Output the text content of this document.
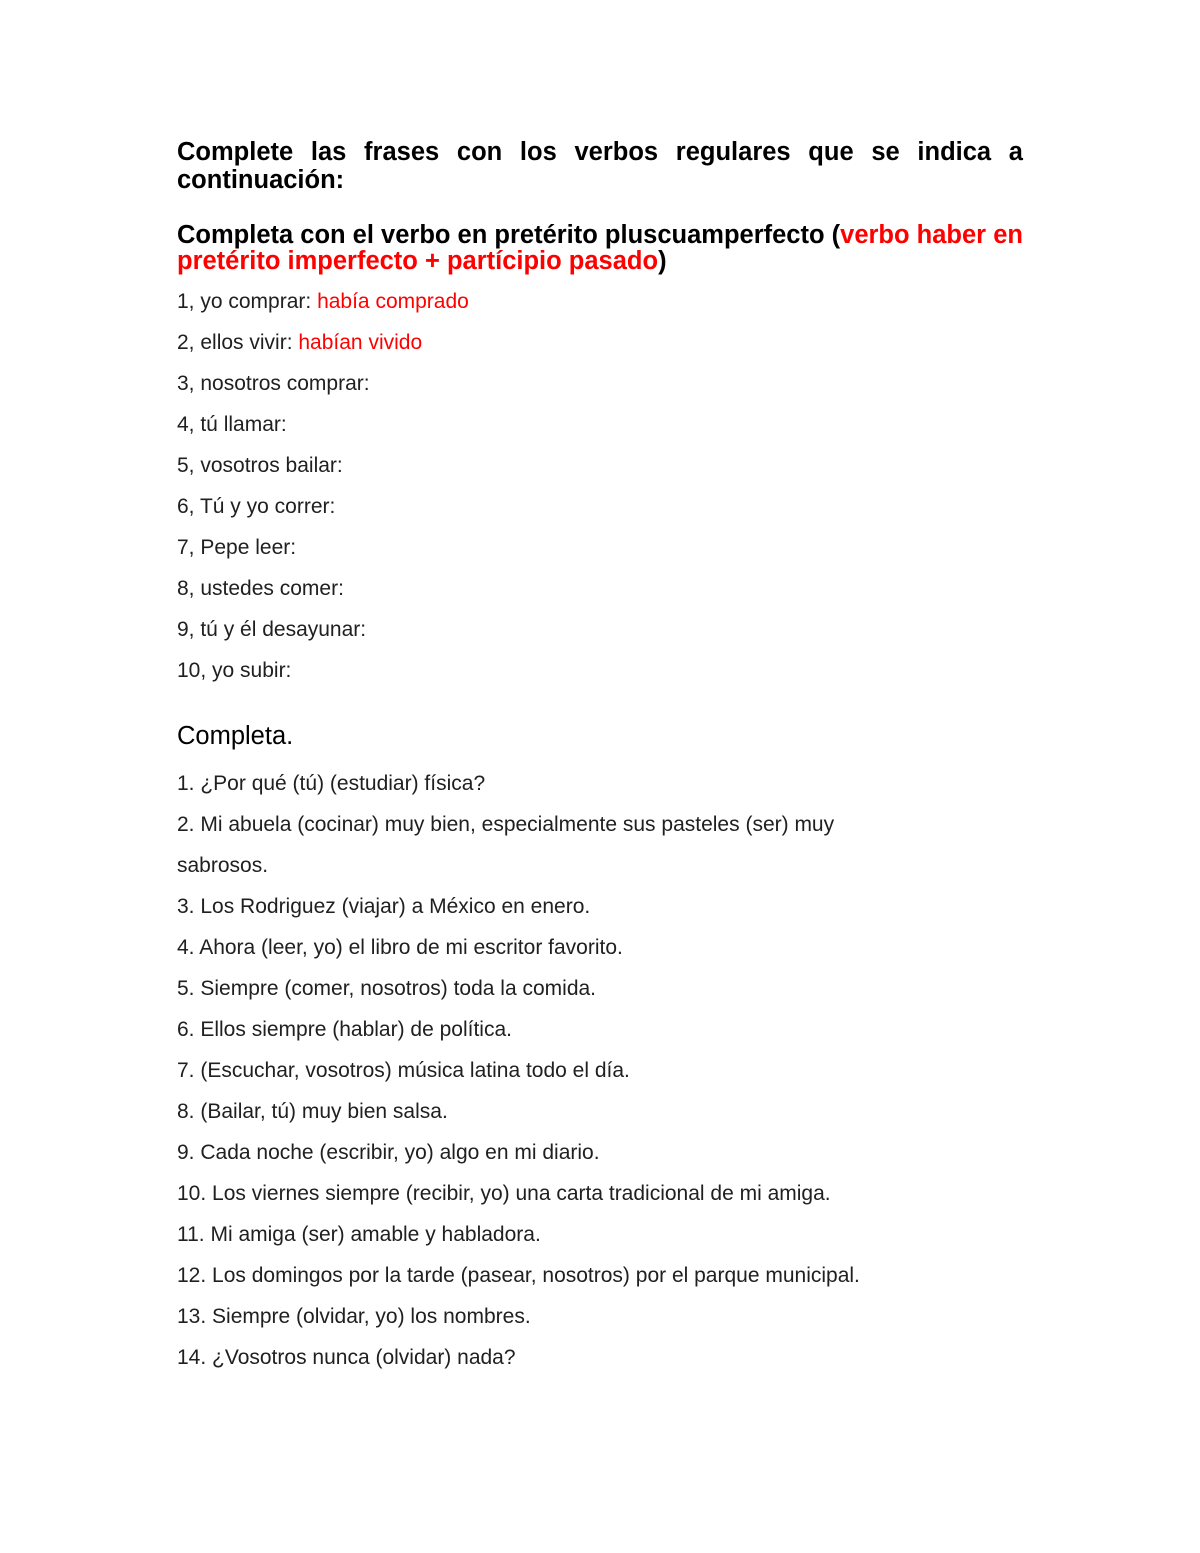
Complete las frases con los verbos regulares que se indica a continuación:
Completa con el verbo en pretérito pluscuamperfecto (verbo haber en pretérito imperfecto + partícipio pasado)
1, yo comprar: había comprado
2, ellos vivir: habían vivido
3, nosotros comprar:
4, tú llamar:
5, vosotros bailar:
6, Tú y yo correr:
7, Pepe leer:
8, ustedes comer:
9, tú y él desayunar:
10, yo subir:
Completa.
1. ¿Por qué (tú) (estudiar) física?
2. Mi abuela (cocinar) muy bien, especialmente sus pasteles (ser) muy
sabrosos.
3. Los Rodriguez (viajar) a México en enero.
4. Ahora (leer, yo) el libro de mi escritor favorito.
5. Siempre (comer, nosotros) toda la comida.
6. Ellos siempre (hablar) de política.
7. (Escuchar, vosotros) música latina todo el día.
8. (Bailar, tú) muy bien salsa.
9. Cada noche (escribir, yo) algo en mi diario.
10. Los viernes siempre (recibir, yo) una carta tradicional de mi amiga.
11. Mi amiga (ser) amable y habladora.
12. Los domingos por la tarde (pasear, nosotros) por el parque municipal.
13. Siempre (olvidar, yo) los nombres.
14. ¿Vosotros nunca (olvidar) nada?
